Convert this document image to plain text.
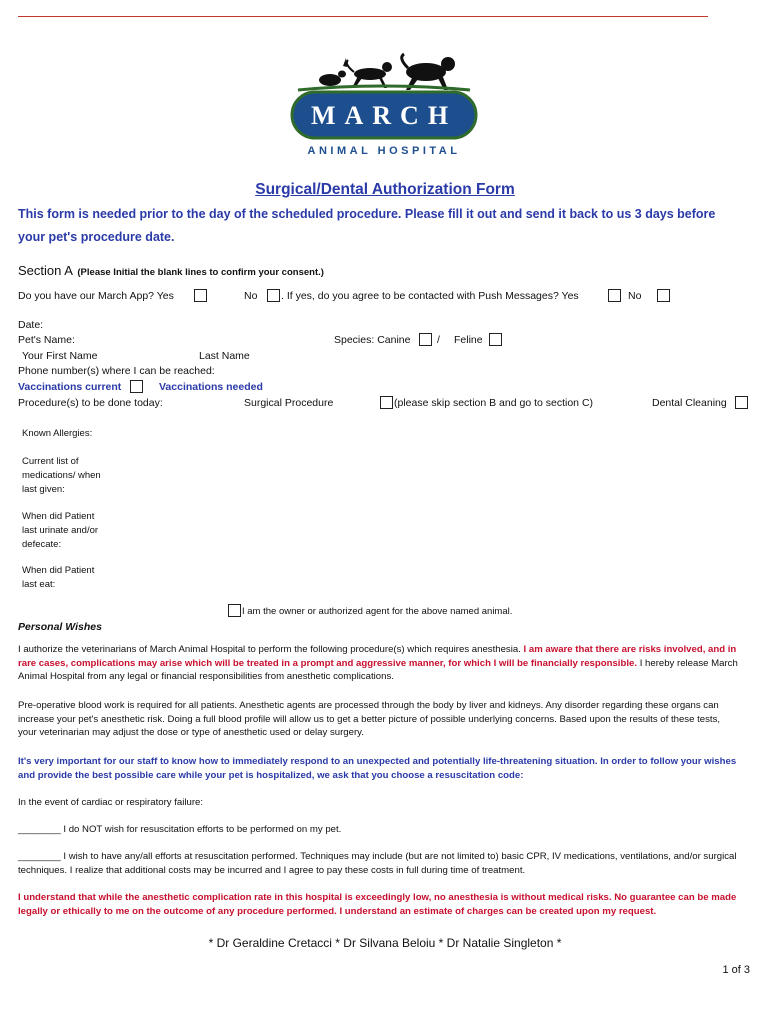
MARCH
ANIMAL HOSPITAL
Surgical/Dental Authorization Form
This form is needed prior to the day of the scheduled procedure. Please fill it out and send it back to us 3 days before your pet's procedure date.
Section A (Please Initial the blank lines to confirm your consent.)
Do you have our March App? Yes	No . If yes, do you agree to be contacted with Push Messages? Yes	No
Date:
Pet's Name:	Species: Canine	/ Feline
Your First Name	Last Name
Phone number(s) where I can be reached:
Vaccinations current	Vaccinations needed
Procedure(s) to be done today:	Surgical Procedure	(please skip section B and go to section C)	Dental Cleaning
Known Allergies:
Current list of
medications/ when
last given:
When did Patient
last urinate and/or
defecate:
When did Patient
last eat:
I am the owner or authorized agent for the above named animal.
Personal Wishes
I authorize the veterinarians of March Animal Hospital to perform the following procedure(s) which requires anesthesia. I am aware that there are risks involved, and in rare cases, complications may arise which will be treated in a prompt and aggressive manner, for which I will be financially responsible. I hereby release March Animal Hospital from any legal or financial responsibilities from anesthetic complications.
Pre-operative blood work is required for all patients. Anesthetic agents are processed through the body by liver and kidneys. Any disorder regarding these organs can increase your pet's anesthetic risk. Doing a full blood profile will allow us to get a better picture of possible underlying concerns. Based upon the results of these tests, your veterinarian may adjust the dose or type of anesthetic used or delay surgery.
It's very important for our staff to know how to immediately respond to an unexpected and potentially life-threatening situation. In order to follow your wishes and provide the best possible care while your pet is hospitalized, we ask that you choose a resuscitation code:
In the event of cardiac or respiratory failure:
________ I do NOT wish for resuscitation efforts to be performed on my pet.
________ I wish to have any/all efforts at resuscitation performed. Techniques may include (but are not limited to) basic CPR, IV medications, ventilations, and/or surgical techniques. I realize that additional costs may be incurred and I agree to pay these costs in full during time of treatment.
I understand that while the anesthetic complication rate in this hospital is exceedingly low, no anesthesia is without medical risks. No guarantee can be made legally or ethically to me on the outcome of any procedure performed. I understand an estimate of charges can be created upon my request.
* Dr Geraldine Cretacci * Dr Silvana Beloiu * Dr Natalie Singleton *
1 of 3
